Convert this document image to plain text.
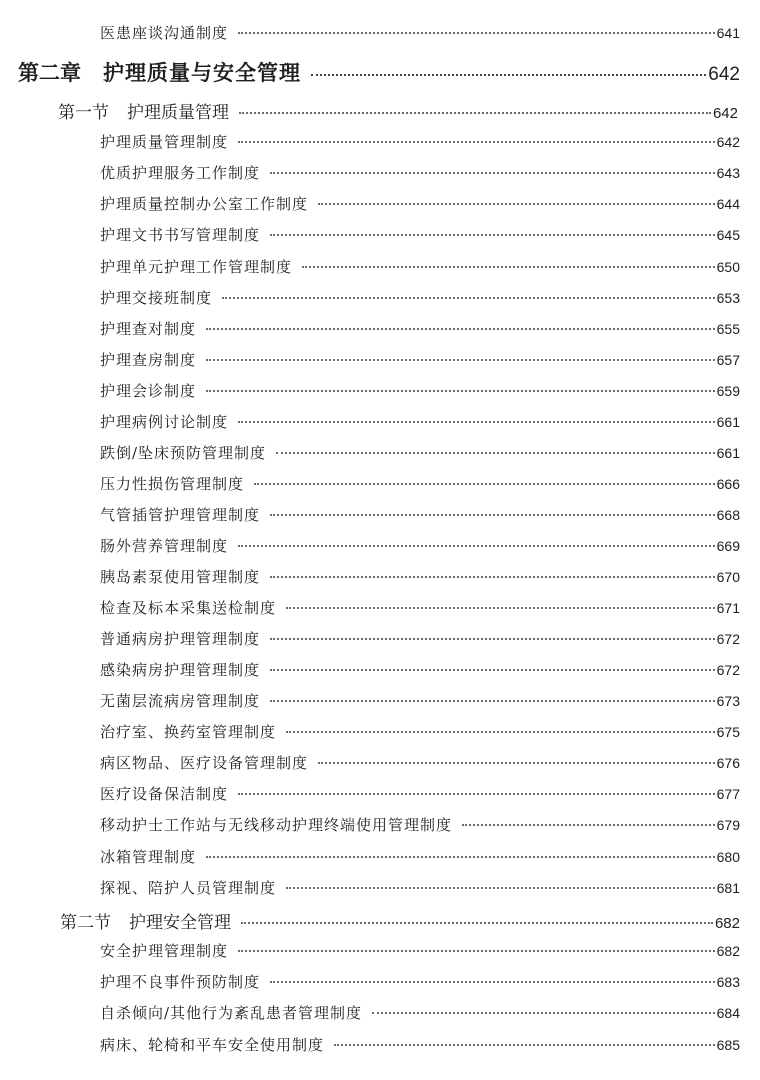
医患座谈沟通制度	641
第二章 护理质量与安全管理	642
第一节 护理质量管理	642
护理质量管理制度	642
优质护理服务工作制度	643
护理质量控制办公室工作制度	644
护理文书书写管理制度	645
护理单元护理工作管理制度	650
护理交接班制度	653
护理查对制度	655
护理查房制度	657
护理会诊制度	659
护理病例讨论制度	661
跌倒/坠床预防管理制度	661
压力性损伤管理制度	666
气管插管护理管理制度	668
肠外营养管理制度	669
胰岛素泵使用管理制度	670
检查及标本采集送检制度	671
普通病房护理管理制度	672
感染病房护理管理制度	672
无菌层流病房管理制度	673
治疗室、换药室管理制度	675
病区物品、医疗设备管理制度	676
医疗设备保洁制度	677
移动护士工作站与无线移动护理终端使用管理制度	679
冰箱管理制度	680
探视、陪护人员管理制度	681
第二节 护理安全管理	682
安全护理管理制度	682
护理不良事件预防制度	683
自杀倾向/其他行为紊乱患者管理制度	684
病床、轮椅和平车安全使用制度	685
